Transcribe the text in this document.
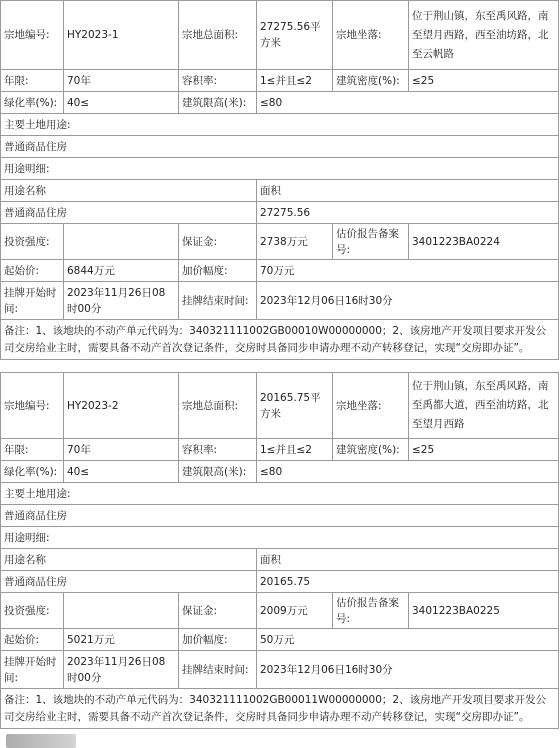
宗地编号:	HY2023-1	宗地总面积:	27275.56平方米	宗地坐落:	位于荆山镇，东至禹风路，南至望月西路，西至油坊路，北至云帆路
年限:	70年	容积率:	1≤并且≤2	建筑密度(%):	≤25
绿化率(%):	40≤	建筑限高(米):	≤80		
主要土地用途:					
普通商品住房					
用途明细:					
用途名称			面积		
普通商品住房			27275.56		
投资强度:		保证金:	2738万元	估价报告备案号:	3401223BA0224
起始价:	6844万元	加价幅度:	70万元		
挂牌开始时间:	2023年11月26日08时00分	挂牌结束时间:	2023年12月06日16时30分		
备注：1、该地块的不动产单元代码为：340321111002GB00010W00000000；2、该房地产开发项目要求开发公司交房给业主时，需要具备不动产首次登记条件，交房时具备同步申请办理不动产转移登记，实现“交房即办证”。					
宗地编号:	HY2023-2	宗地总面积:	20165.75平方米	宗地坐落:	位于荆山镇，东至禹风路，南至禹都大道，西至油坊路，北至望月西路
年限:	70年	容积率:	1≤并且≤2	建筑密度(%):	≤25
绿化率(%):	40≤	建筑限高(米):	≤80		
主要土地用途:					
普通商品住房					
用途明细:					
用途名称			面积		
普通商品住房			20165.75		
投资强度:		保证金:	2009万元	估价报告备案号:	3401223BA0225
起始价:	5021万元	加价幅度:	50万元		
挂牌开始时间:	2023年11月26日08时00分	挂牌结束时间:	2023年12月06日16时30分		
备注：1、该地块的不动产单元代码为：340321111002GB00011W00000000；2、该房地产开发项目要求开发公司交房给业主时，需要具备不动产首次登记条件，交房时具备同步申请办理不动产转移登记，实现“交房即办证”。					
